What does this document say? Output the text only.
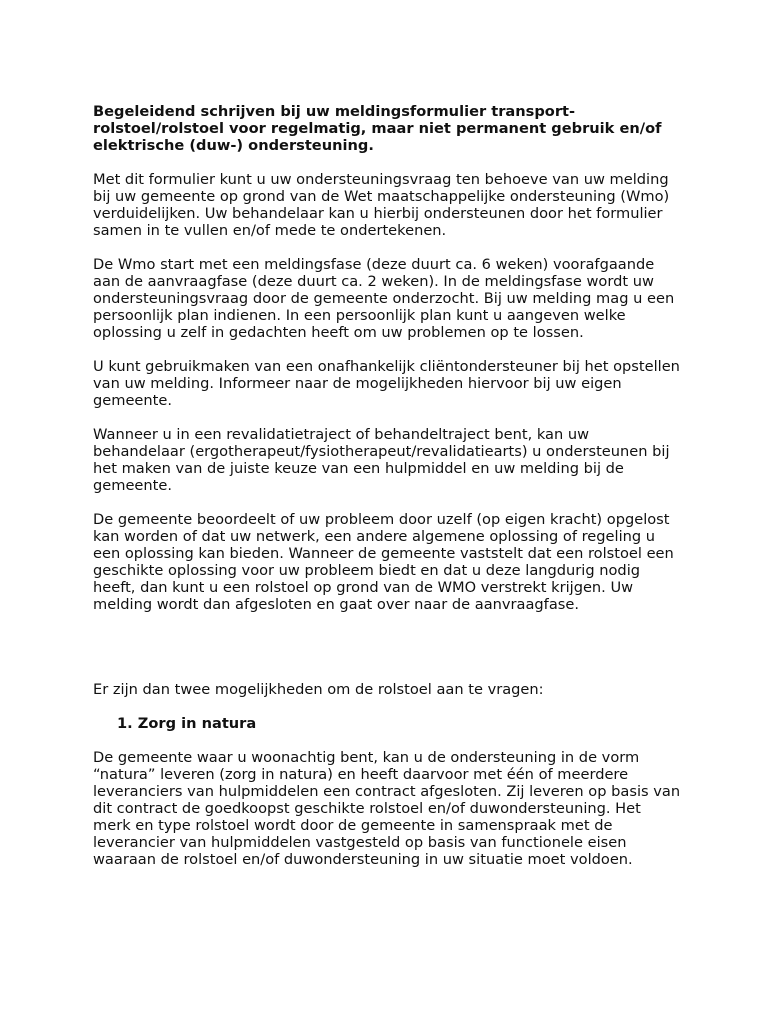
Begeleidend schrijven bij uw meldingsformulier transport-rolstoel/rolstoel voor regelmatig, maar niet permanent gebruik en/of elektrische (duw-) ondersteuning.

Met dit formulier kunt u uw ondersteuningsvraag ten behoeve van uw melding bij uw gemeente op grond van de Wet maatschappelijke ondersteuning (Wmo) verduidelijken. Uw behandelaar kan u hierbij ondersteunen door het formulier samen in te vullen en/of mede te ondertekenen.

De Wmo start met een meldingsfase (deze duurt ca. 6 weken) voorafgaande aan de aanvraagfase (deze duurt ca. 2 weken). In de meldingsfase wordt uw ondersteuningsvraag door de gemeente onderzocht. Bij uw melding mag u een persoonlijk plan indienen. In een persoonlijk plan kunt u aangeven welke oplossing u zelf in gedachten heeft om uw problemen op te lossen.

U kunt gebruikmaken van een onafhankelijk cliëntondersteuner bij het opstellen van uw melding. Informeer naar de mogelijkheden hiervoor bij uw eigen gemeente.

Wanneer u in een revalidatietraject of behandeltraject bent, kan uw behandelaar (ergotherapeut/fysiotherapeut/revalidatiearts) u ondersteunen bij het maken van de juiste keuze van een hulpmiddel en uw melding bij de gemeente.

De gemeente beoordeelt of uw probleem door uzelf (op eigen kracht) opgelost kan worden of dat uw netwerk, een andere algemene oplossing of regeling u een oplossing kan bieden. Wanneer de gemeente vaststelt dat een rolstoel een geschikte oplossing voor uw probleem biedt en dat u deze langdurig nodig heeft, dan kunt u een rolstoel op grond van de WMO verstrekt krijgen. Uw melding wordt dan afgesloten en gaat over naar de aanvraagfase.

Er zijn dan twee mogelijkheden om de rolstoel aan te vragen:

1. Zorg in natura

De gemeente waar u woonachtig bent, kan u de ondersteuning in de vorm “natura” leveren (zorg in natura) en heeft daarvoor met één of meerdere leveranciers van hulpmiddelen een contract afgesloten. Zij leveren op basis van dit contract de goedkoopst geschikte rolstoel en/of duwondersteuning. Het merk en type rolstoel wordt door de gemeente in samenspraak met de leverancier van hulpmiddelen vastgesteld op basis van functionele eisen waaraan de rolstoel en/of duwondersteuning in uw situatie moet voldoen.
